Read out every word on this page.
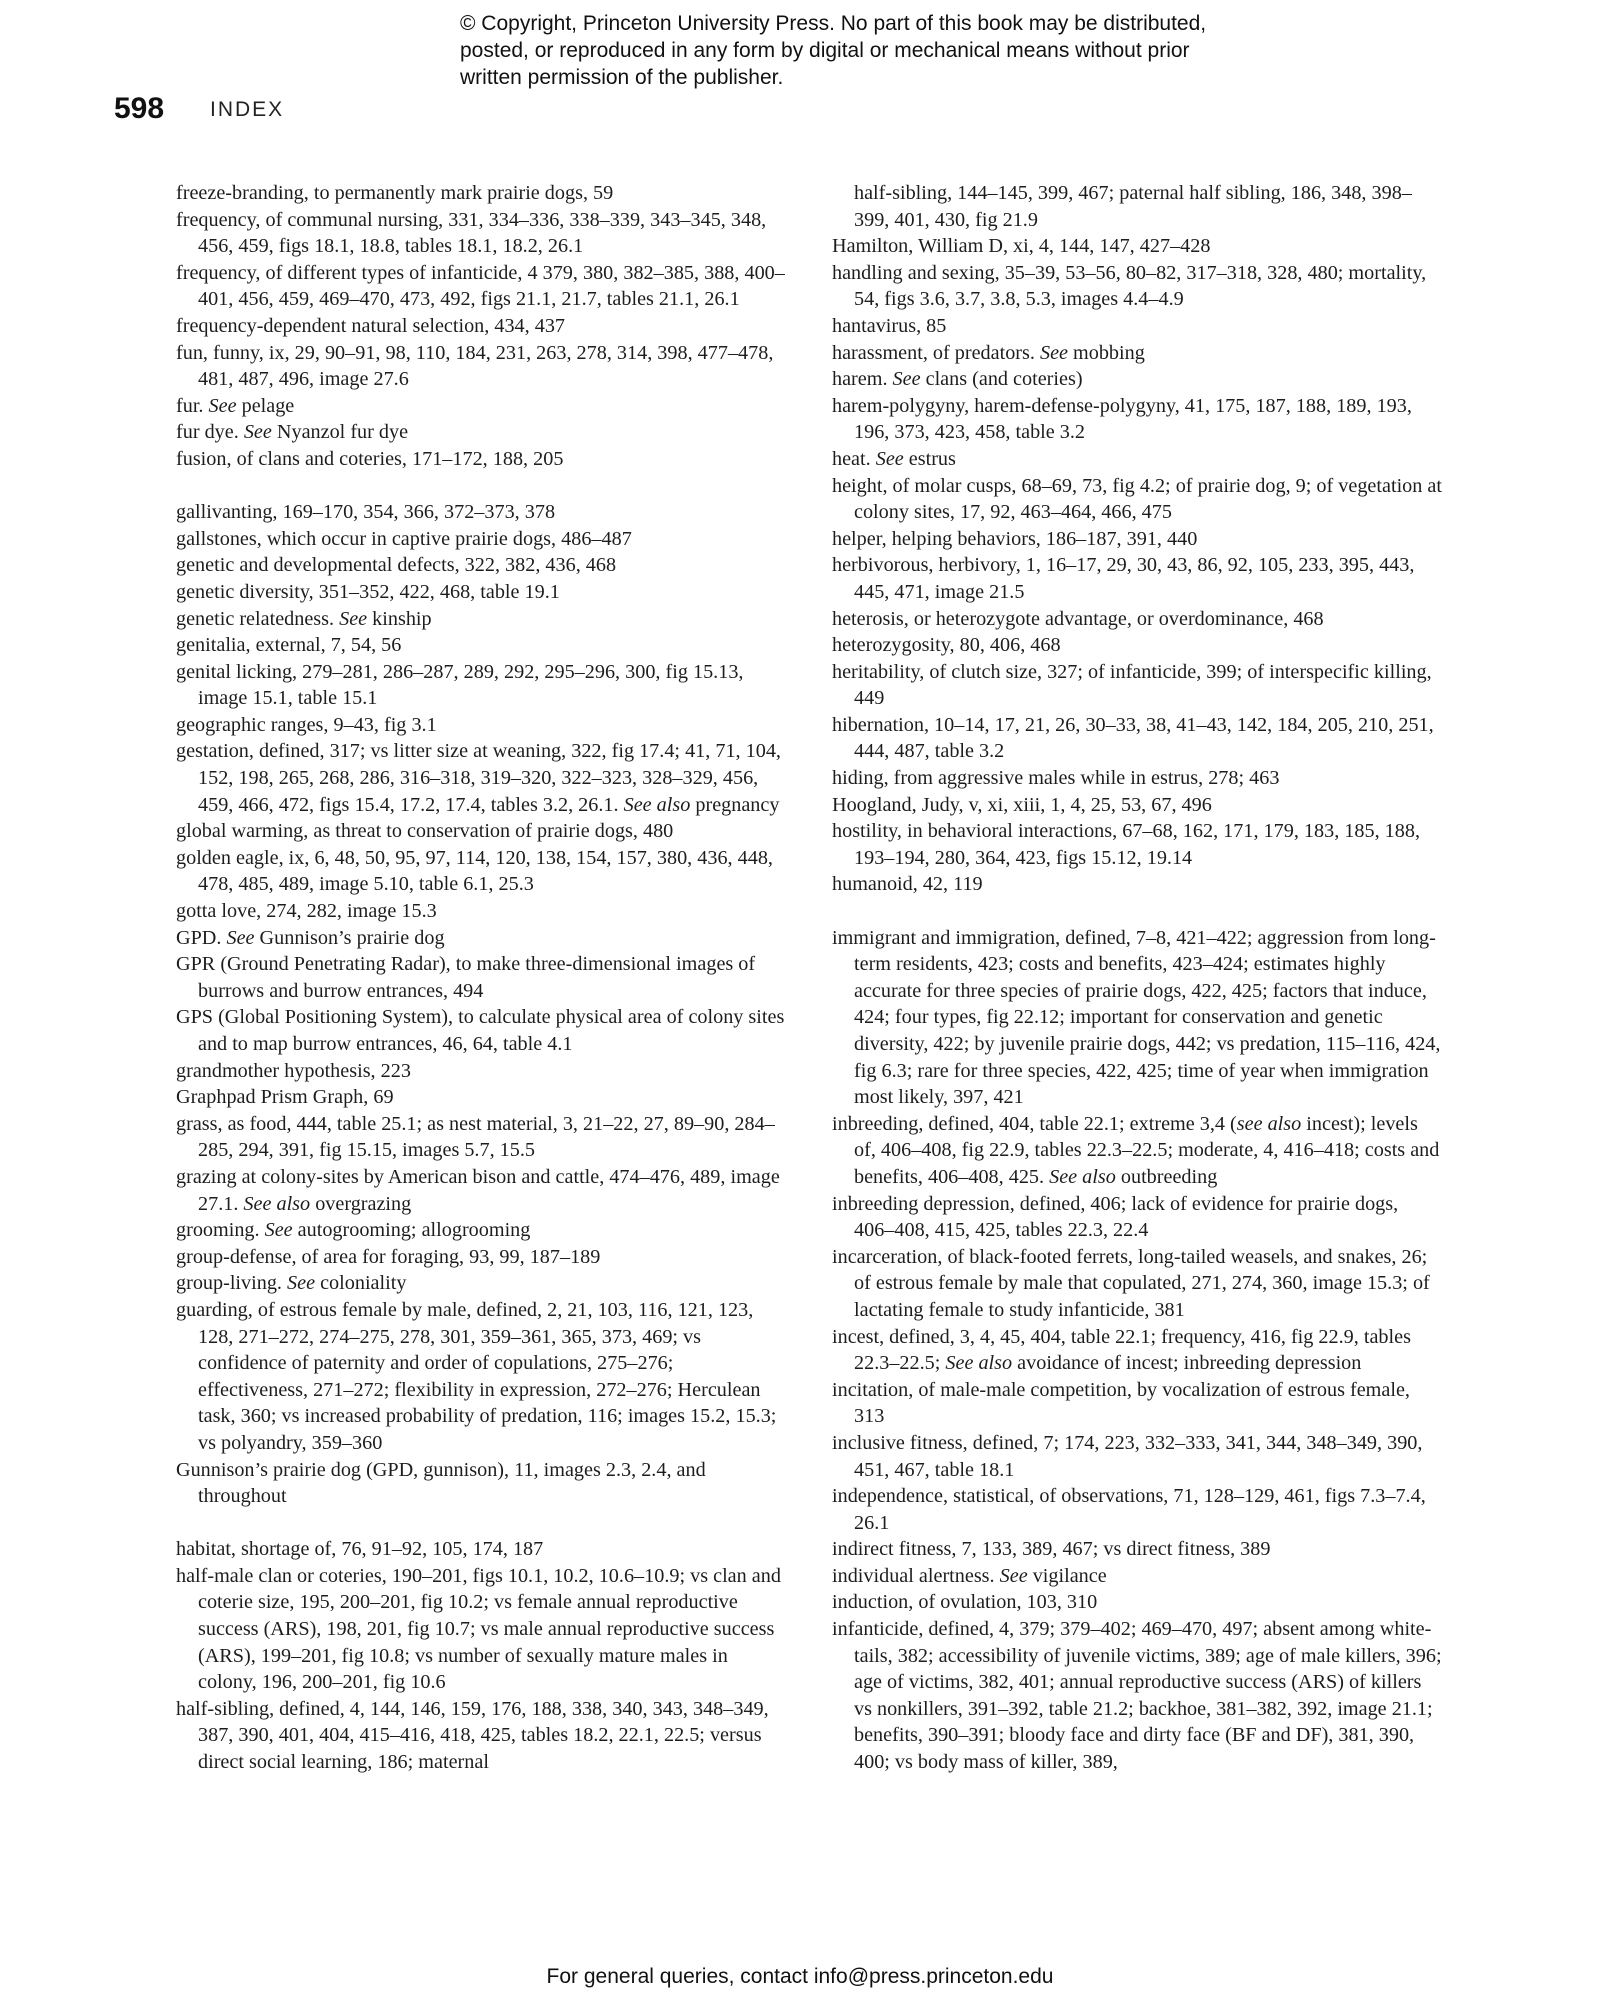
© Copyright, Princeton University Press. No part of this book may be distributed, posted, or reproduced in any form by digital or mechanical means without prior written permission of the publisher.
598 INDEX

freeze-branding, to permanently mark prairie dogs, 59

frequency, of communal nursing, 331, 334–336, 338–339, 343–345, 348, 456, 459, figs 18.1, 18.8, tables 18.1, 18.2, 26.1

frequency, of different types of infanticide, 4 379, 380, 382–385, 388, 400–401, 456, 459, 469–470, 473, 492, figs 21.1, 21.7, tables 21.1, 26.1

frequency-dependent natural selection, 434, 437

fun, funny, ix, 29, 90–91, 98, 110, 184, 231, 263, 278, 314, 398, 477–478, 481, 487, 496, image 27.6

fur. See pelage

fur dye. See Nyanzol fur dye

fusion, of clans and coteries, 171–172, 188, 205

gallivanting, 169–170, 354, 366, 372–373, 378

gallstones, which occur in captive prairie dogs, 486–487

genetic and developmental defects, 322, 382, 436, 468

genetic diversity, 351–352, 422, 468, table 19.1

genetic relatedness. See kinship

genitalia, external, 7, 54, 56

genital licking, 279–281, 286–287, 289, 292, 295–296, 300, fig 15.13, image 15.1, table 15.1

geographic ranges, 9–43, fig 3.1

gestation, defined, 317; vs litter size at weaning, 322, fig 17.4; 41, 71, 104, 152, 198, 265, 268, 286, 316–318, 319–320, 322–323, 328–329, 456, 459, 466, 472, figs 15.4, 17.2, 17.4, tables 3.2, 26.1. See also pregnancy

global warming, as threat to conservation of prairie dogs, 480

golden eagle, ix, 6, 48, 50, 95, 97, 114, 120, 138, 154, 157, 380, 436, 448, 478, 485, 489, image 5.10, table 6.1, 25.3

gotta love, 274, 282, image 15.3

GPD. See Gunnison’s prairie dog

GPR (Ground Penetrating Radar), to make three-dimensional images of burrows and burrow entrances, 494

GPS (Global Positioning System), to calculate physical area of colony sites and to map burrow entrances, 46, 64, table 4.1

grandmother hypothesis, 223

Graphpad Prism Graph, 69

grass, as food, 444, table 25.1; as nest material, 3, 21–22, 27, 89–90, 284–285, 294, 391, fig 15.15, images 5.7, 15.5

grazing at colony-sites by American bison and cattle, 474–476, 489, image 27.1. See also overgrazing

grooming. See autogrooming; allogrooming

group-defense, of area for foraging, 93, 99, 187–189

group-living. See coloniality

guarding, of estrous female by male, defined, 2, 21, 103, 116, 121, 123, 128, 271–272, 274–275, 278, 301, 359–361, 365, 373, 469; vs confidence of paternity and order of copulations, 275–276; effectiveness, 271–272; flexibility in expression, 272–276; Herculean task, 360; vs increased probability of predation, 116; images 15.2, 15.3; vs polyandry, 359–360

Gunnison’s prairie dog (GPD, gunnison), 11, images 2.3, 2.4, and throughout

habitat, shortage of, 76, 91–92, 105, 174, 187

half-male clan or coteries, 190–201, figs 10.1, 10.2, 10.6–10.9; vs clan and coterie size, 195, 200–201, fig 10.2; vs female annual reproductive success (ARS), 198, 201, fig 10.7; vs male annual reproductive success (ARS), 199–201, fig 10.8; vs number of sexually mature males in colony, 196, 200–201, fig 10.6

half-sibling, defined, 4, 144, 146, 159, 176, 188, 338, 340, 343, 348–349, 387, 390, 401, 404, 415–416, 418, 425, tables 18.2, 22.1, 22.5; versus direct social learning, 186; maternal

half-sibling, 144–145, 399, 467; paternal half sibling, 186, 348, 398–399, 401, 430, fig 21.9

Hamilton, William D, xi, 4, 144, 147, 427–428

handling and sexing, 35–39, 53–56, 80–82, 317–318, 328, 480; mortality, 54, figs 3.6, 3.7, 3.8, 5.3, images 4.4–4.9

hantavirus, 85

harassment, of predators. See mobbing

harem. See clans (and coteries)

harem-polygyny, harem-defense-polygyny, 41, 175, 187, 188, 189, 193, 196, 373, 423, 458, table 3.2

heat. See estrus

height, of molar cusps, 68–69, 73, fig 4.2; of prairie dog, 9; of vegetation at colony sites, 17, 92, 463–464, 466, 475

helper, helping behaviors, 186–187, 391, 440

herbivorous, herbivory, 1, 16–17, 29, 30, 43, 86, 92, 105, 233, 395, 443, 445, 471, image 21.5

heterosis, or heterozygote advantage, or overdominance, 468

heterozygosity, 80, 406, 468

heritability, of clutch size, 327; of infanticide, 399; of interspecific killing, 449

hibernation, 10–14, 17, 21, 26, 30–33, 38, 41–43, 142, 184, 205, 210, 251, 444, 487, table 3.2

hiding, from aggressive males while in estrus, 278; 463

Hoogland, Judy, v, xi, xiii, 1, 4, 25, 53, 67, 496

hostility, in behavioral interactions, 67–68, 162, 171, 179, 183, 185, 188, 193–194, 280, 364, 423, figs 15.12, 19.14

humanoid, 42, 119

immigrant and immigration, defined, 7–8, 421–422; aggression from long-term residents, 423; costs and benefits, 423–424; estimates highly accurate for three species of prairie dogs, 422, 425; factors that induce, 424; four types, fig 22.12; important for conservation and genetic diversity, 422; by juvenile prairie dogs, 442; vs predation, 115–116, 424, fig 6.3; rare for three species, 422, 425; time of year when immigration most likely, 397, 421

inbreeding, defined, 404, table 22.1; extreme 3,4 (see also incest); levels of, 406–408, fig 22.9, tables 22.3–22.5; moderate, 4, 416–418; costs and benefits, 406–408, 425. See also outbreeding

inbreeding depression, defined, 406; lack of evidence for prairie dogs, 406–408, 415, 425, tables 22.3, 22.4

incarceration, of black-footed ferrets, long-tailed weasels, and snakes, 26; of estrous female by male that copulated, 271, 274, 360, image 15.3; of lactating female to study infanticide, 381

incest, defined, 3, 4, 45, 404, table 22.1; frequency, 416, fig 22.9, tables 22.3–22.5; See also avoidance of incest; inbreeding depression

incitation, of male-male competition, by vocalization of estrous female, 313

inclusive fitness, defined, 7; 174, 223, 332–333, 341, 344, 348–349, 390, 451, 467, table 18.1

independence, statistical, of observations, 71, 128–129, 461, figs 7.3–7.4, 26.1

indirect fitness, 7, 133, 389, 467; vs direct fitness, 389

individual alertness. See vigilance

induction, of ovulation, 103, 310

infanticide, defined, 4, 379; 379–402; 469–470, 497; absent among white-tails, 382; accessibility of juvenile victims, 389; age of male killers, 396; age of victims, 382, 401; annual reproductive success (ARS) of killers vs nonkillers, 391–392, table 21.2; backhoe, 381–382, 392, image 21.1; benefits, 390–391; bloody face and dirty face (BF and DF), 381, 390, 400; vs body mass of killer, 389,

For general queries, contact info@press.princeton.edu
